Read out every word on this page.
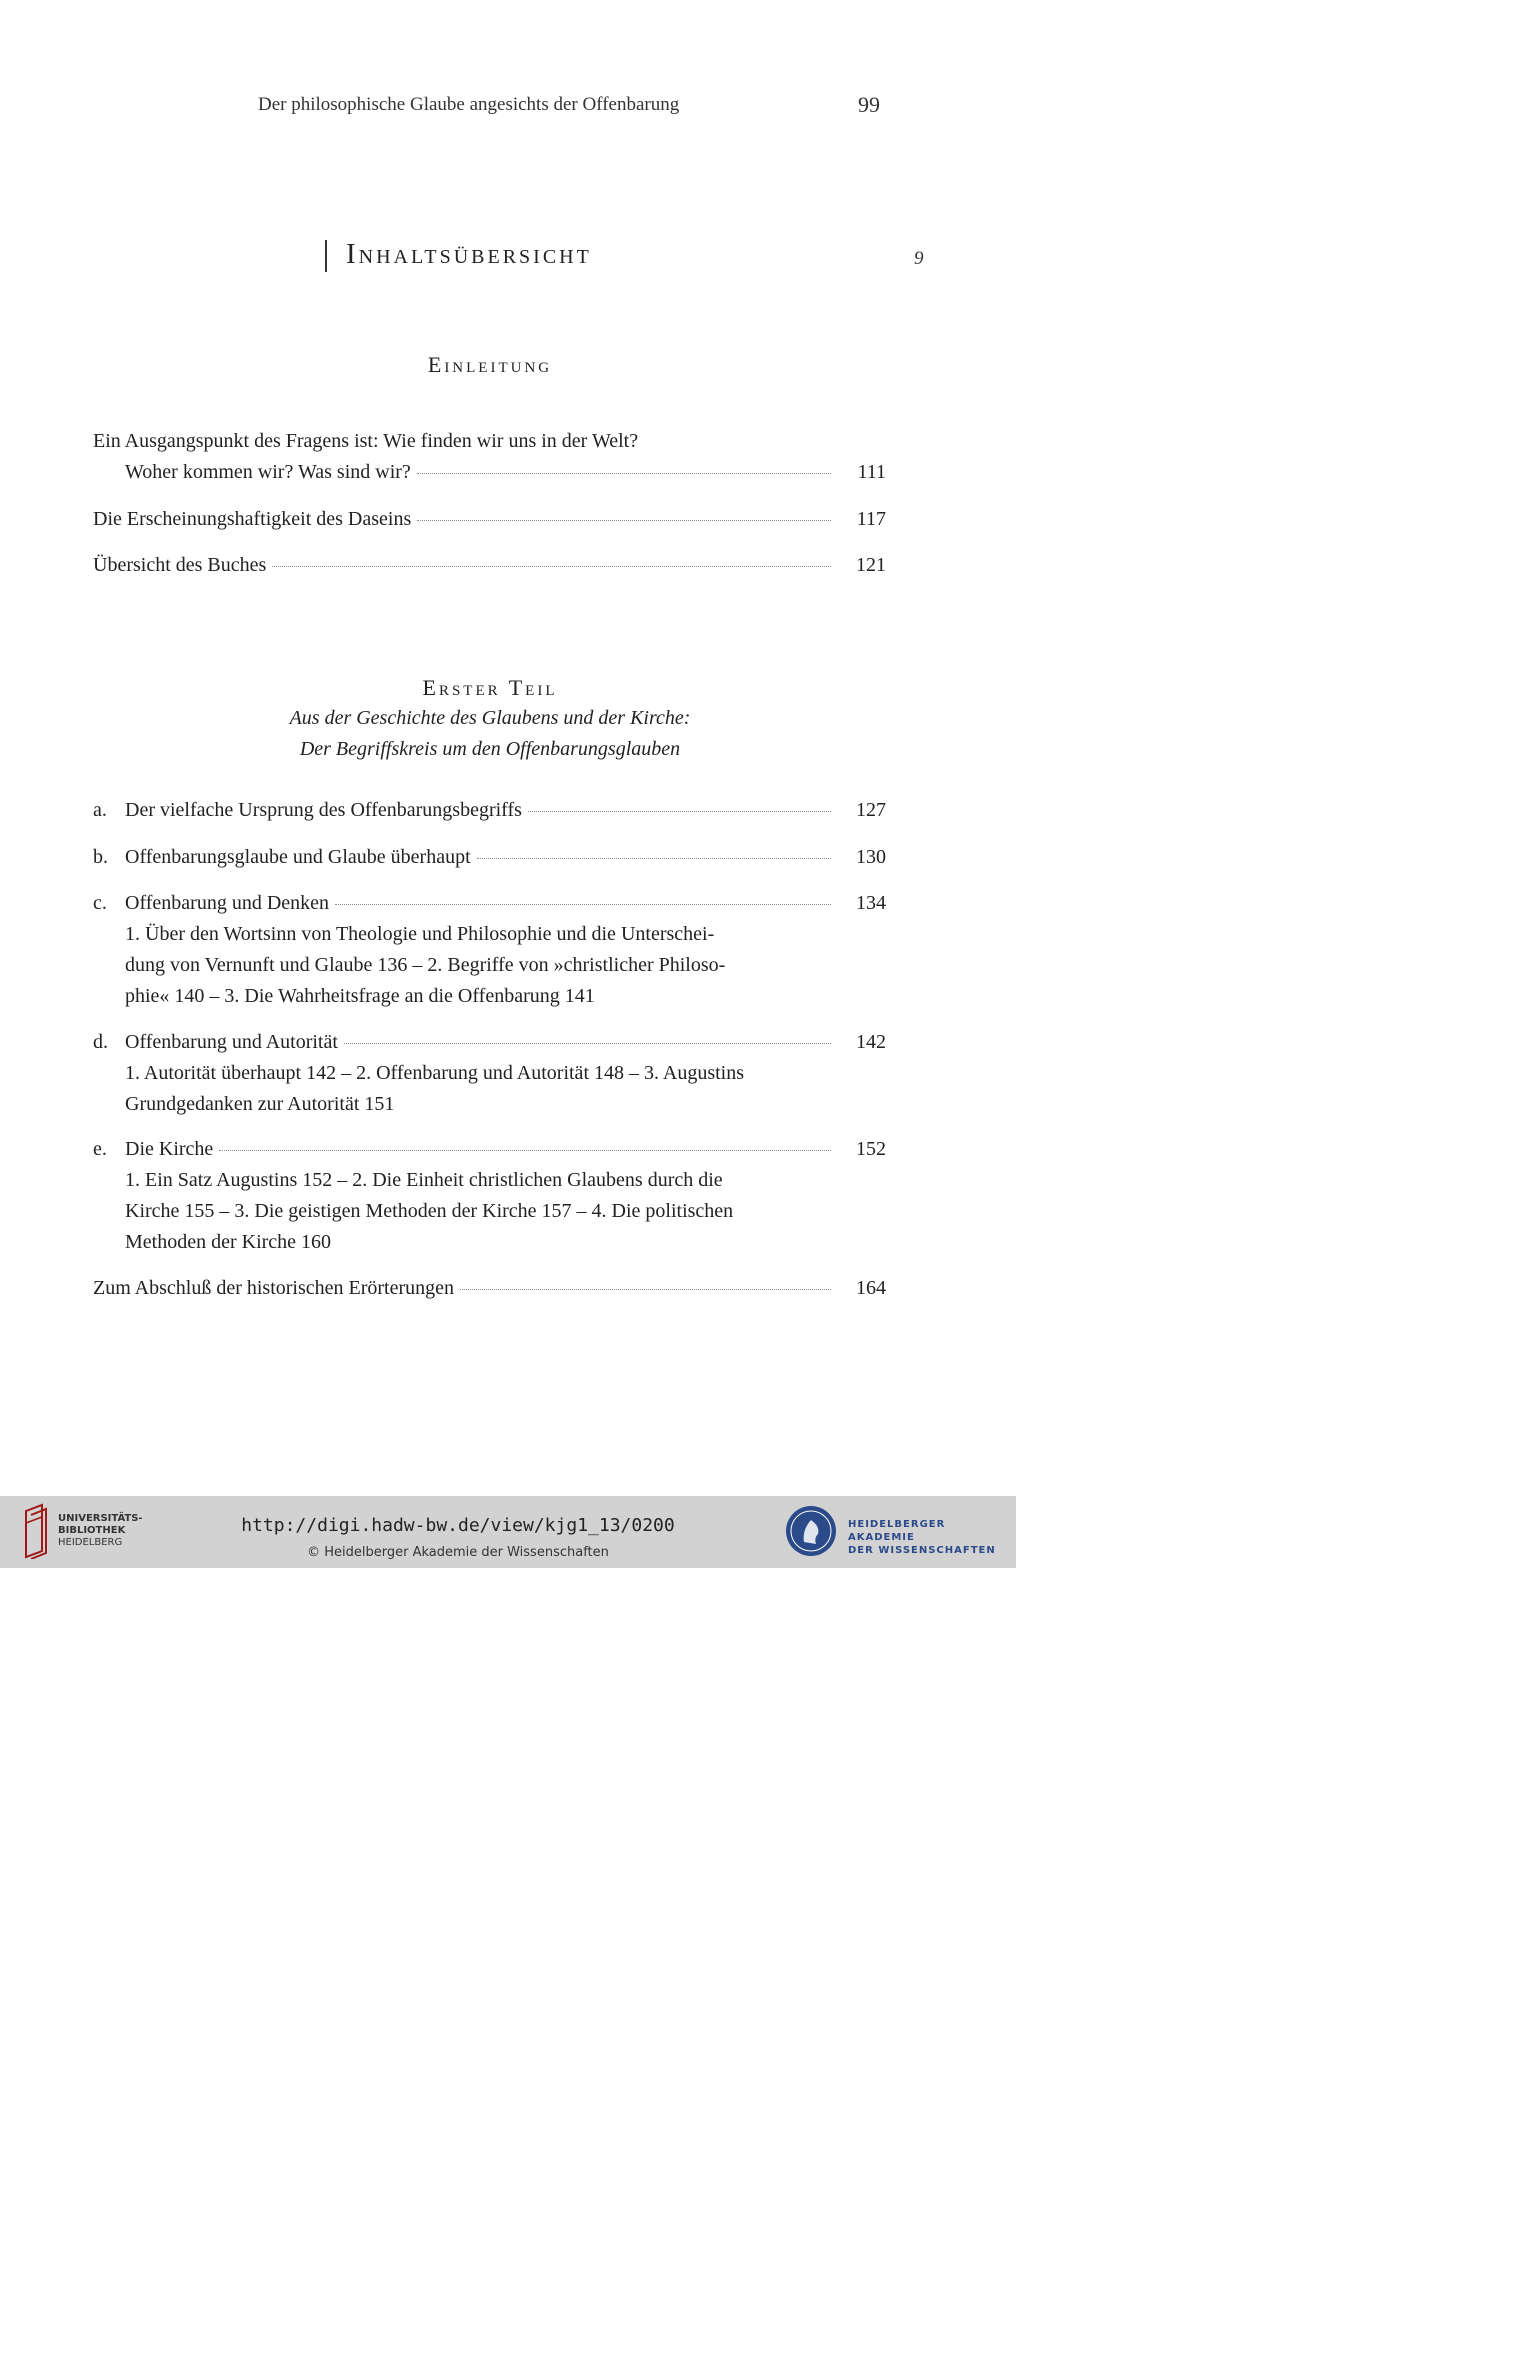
Der philosophische Glaube angesichts der Offenbarung	99
Inhaltsübersicht	9
Einleitung
Ein Ausgangspunkt des Fragens ist: Wie finden wir uns in der Welt?
Woher kommen wir? Was sind wir?	111
Die Erscheinungshaftigkeit des Daseins	117
Übersicht des Buches	121
Erster Teil
Aus der Geschichte des Glaubens und der Kirche:
Der Begriffskreis um den Offenbarungsglauben
a. Der vielfache Ursprung des Offenbarungsbegriffs	127
b. Offenbarungsglaube und Glaube überhaupt	130
c. Offenbarung und Denken	134
1. Über den Wortsinn von Theologie und Philosophie und die Unterschei-
dung von Vernunft und Glaube 136 – 2. Begriffe von »christlicher Philoso-
phie« 140 – 3. Die Wahrheitsfrage an die Offenbarung 141
d. Offenbarung und Autorität	142
1. Autorität überhaupt 142 – 2. Offenbarung und Autorität 148 – 3. Augustins
Grundgedanken zur Autorität 151
e. Die Kirche	152
1. Ein Satz Augustins 152 – 2. Die Einheit christlichen Glaubens durch die
Kirche 155 – 3. Die geistigen Methoden der Kirche 157 – 4. Die politischen
Methoden der Kirche 160
Zum Abschluß der historischen Erörterungen	164
UNIVERSITÄTS-
BIBLIOTHEK
HEIDELBERG
http://digi.hadw-bw.de/view/kjg1_13/0200
© Heidelberger Akademie der Wissenschaften
HEIDELBERGER AKADEMIE
DER WISSENSCHAFTEN
